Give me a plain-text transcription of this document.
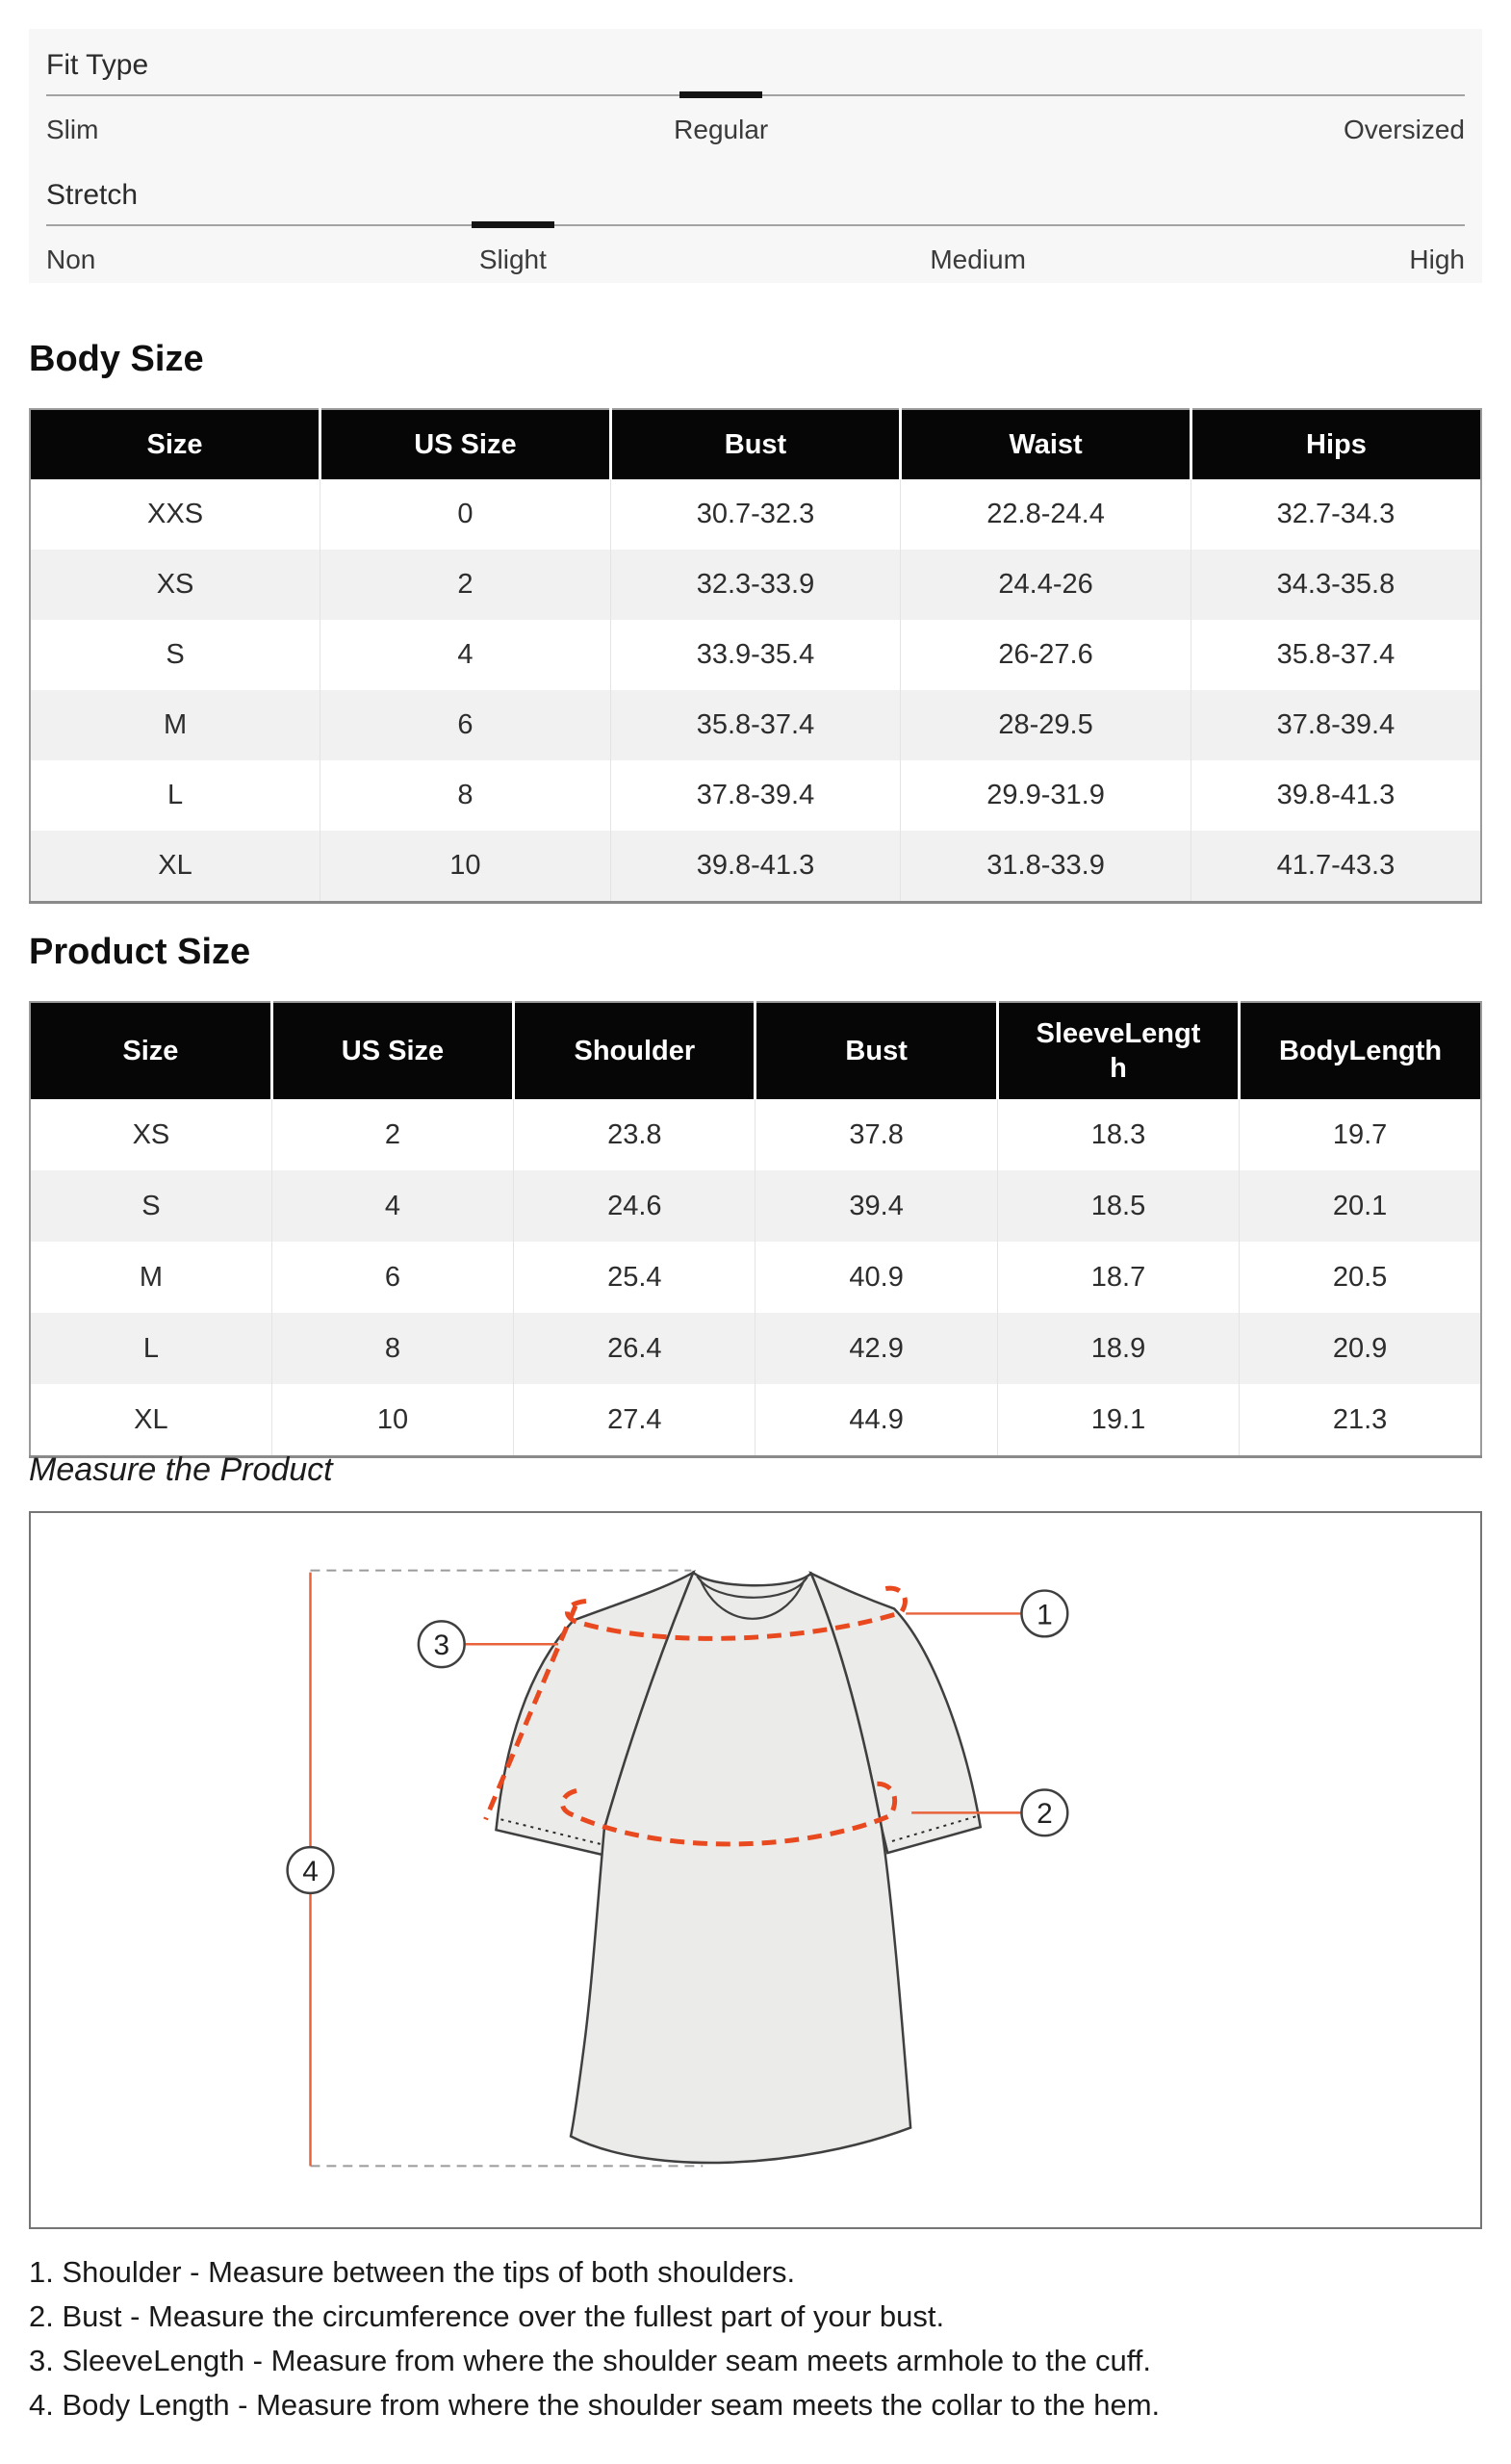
Fit Type
Slim	Regular	Oversized
Stretch
Non	Slight	Medium	High
Body Size
Size	US Size	Bust	Waist	Hips
XXS	0	30.7-32.3	22.8-24.4	32.7-34.3
XS	2	32.3-33.9	24.4-26	34.3-35.8
S	4	33.9-35.4	26-27.6	35.8-37.4
M	6	35.8-37.4	28-29.5	37.8-39.4
L	8	37.8-39.4	29.9-31.9	39.8-41.3
XL	10	39.8-41.3	31.8-33.9	41.7-43.3
Product Size
Size	US Size	Shoulder	Bust	SleeveLength	BodyLength
XS	2	23.8	37.8	18.3	19.7
S	4	24.6	39.4	18.5	20.1
M	6	25.4	40.9	18.7	20.5
L	8	26.4	42.9	18.9	20.9
XL	10	27.4	44.9	19.1	21.3
Measure the Product
1
2
3
4
1. Shoulder - Measure between the tips of both shoulders.
2. Bust - Measure the circumference over the fullest part of your bust.
3. SleeveLength - Measure from where the shoulder seam meets armhole to the cuff.
4. Body Length - Measure from where the shoulder seam meets the collar to the hem.
